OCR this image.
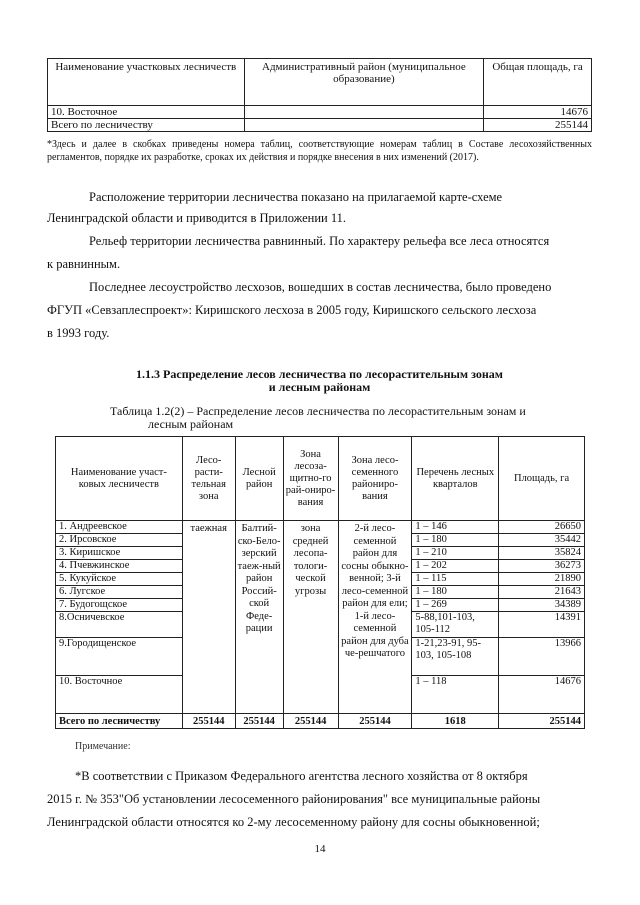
Наименование участковых лесничеств	Административный район (муниципальное образование)	Общая площадь, га
10. Восточное		14676
Всего по лесничеству		255144
*Здесь и далее в скобках приведены номера таблиц, соответствующие номерам таблиц в Составе лесохозяйственных регламентов, порядке их разработке, сроках их действия и порядке внесения в них изменений (2017).
Расположение территории лесничества показано на прилагаемой карте-схеме
Ленинградской области и приводится в Приложении 11.
Рельеф территории лесничества равнинный. По характеру рельефа все леса относятся
к равнинным.
Последнее лесоустройство лесхозов, вошедших в состав лесничества, было проведено
ФГУП «Севзаплеспроект»: Киришского лесхоза в 2005 году, Киришского сельского лесхоза
в 1993 году.
1.1.3 Распределение лесов лесничества по лесорастительным зонам
и лесным районам
Таблица 1.2(2) – Распределение лесов лесничества по лесорастительным зонам и
лесным районам
Наименование участ-ковых лесничеств	Лесо-расти-тельная зона	Лесной район	Зона лесоза-щитно-го рай-ониро-вания	Зона лесо-семенного райониро-вания	Перечень лесных кварталов	Площадь, га
1. Андреевское	таежная	Балтий-ско-Бело-зерский таеж-ный район Россий-ской Феде-рации	зона средней лесопа-тологи-ческой угрозы	2-й лесо-семенной район для сосны обыкно-венной; 3-й лесо-семенной район для ели; 1-й лесо-семенной район для дуба че-решчатого	1 – 146	26650
2. Ирсовское					1 – 180	35442
3. Киришское					1 – 210	35824
4. Пчевжинское					1 – 202	36273
5. Кукуйское					1 – 115	21890
6. Лугское					1 – 180	21643
7. Будогощское					1 – 269	34389
8.Осничевское					5-88,101-103, 105-112	14391
9.Городищенское					1-21,23-91, 95-103, 105-108	13966
10. Восточное					1 – 118	14676
Всего по лесничеству	255144	255144	255144	255144	1618	255144
Примечание:
*В соответствии с Приказом Федерального агентства лесного хозяйства от 8 октября
2015 г. № 353"Об установлении лесосеменного районирования" все муниципальные районы
Ленинградской области относятся ко 2-му лесосеменному району для сосны обыкновенной;
14
